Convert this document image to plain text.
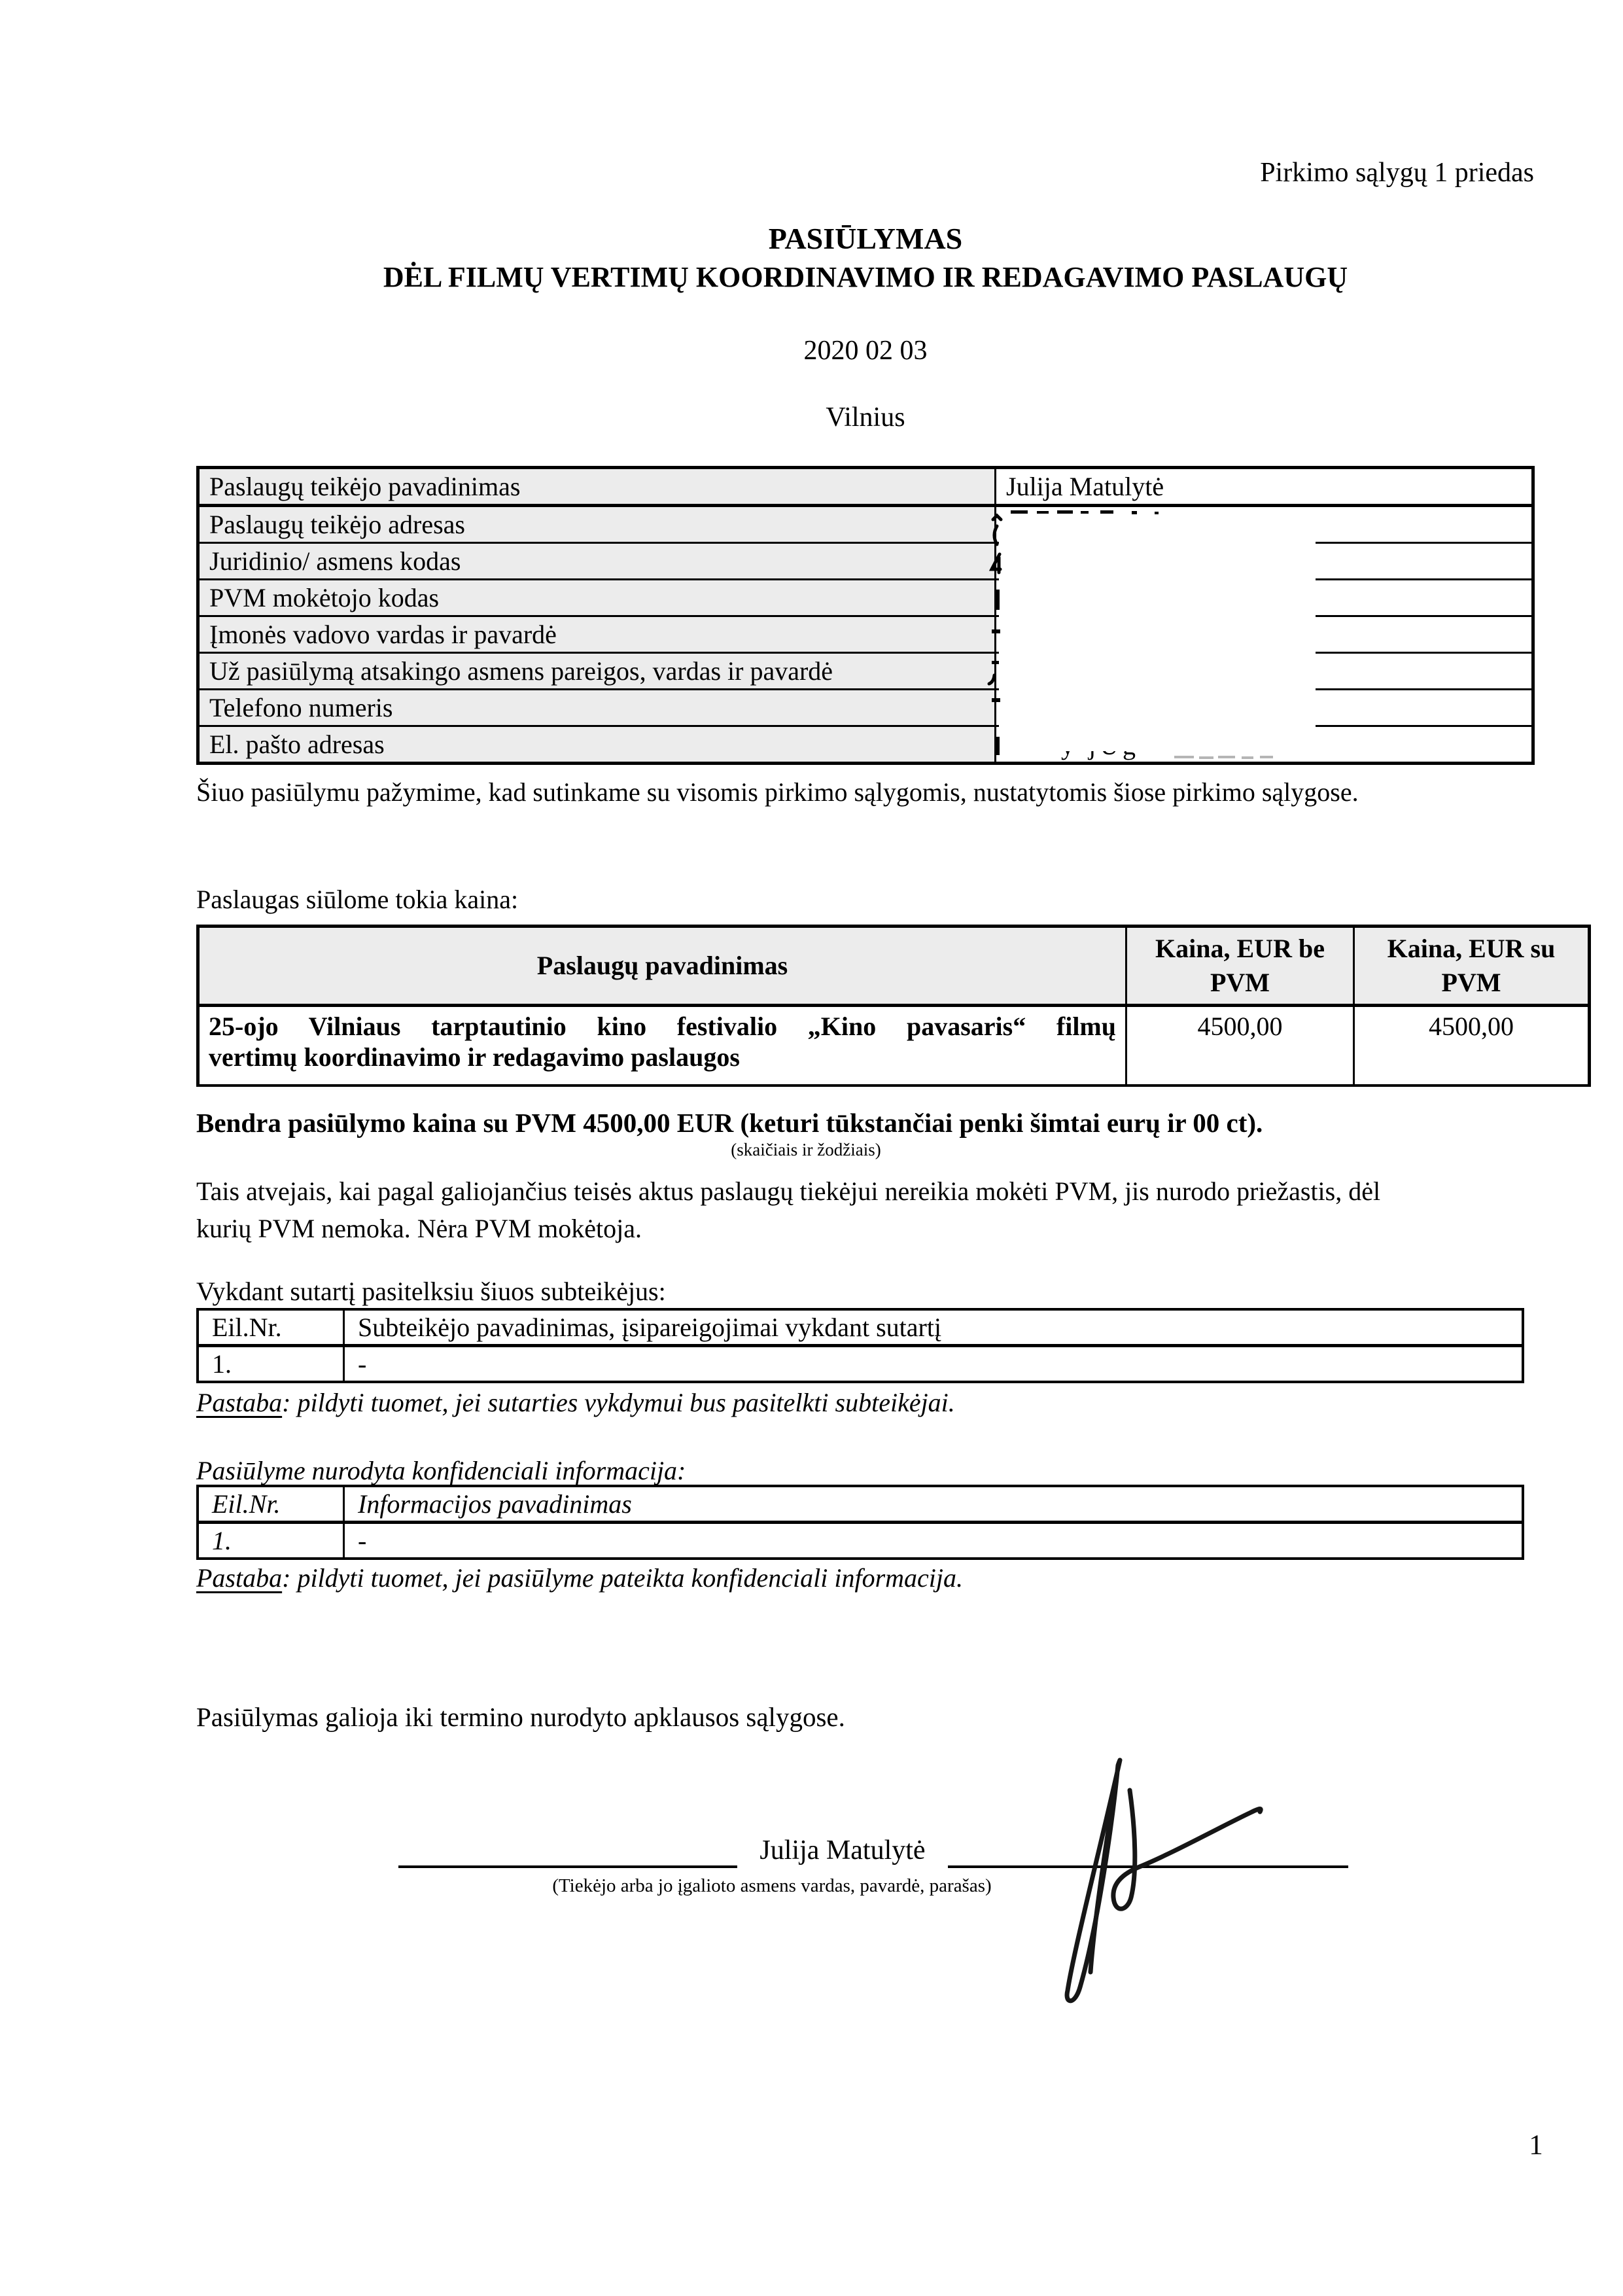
Pirkimo sąlygų 1 priedas
PASIŪLYMAS
DĖL FILMŲ VERTIMŲ KOORDINAVIMO IR REDAGAVIMO PASLAUGŲ
2020 02 03
Vilnius
Paslaugų teikėjo pavadinimas	Julija Matulytė
Paslaugų teikėjo adresas	
Juridinio/ asmens kodas	
PVM mokėtojo kodas	
Įmonės vadovo vardas ir pavardė	
Už pasiūlymą atsakingo asmens pareigos, vardas ir pavardė	
Telefono numeris	
El. pašto adresas	
Šiuo pasiūlymu pažymime, kad sutinkame su visomis pirkimo sąlygomis, nustatytomis šiose pirkimo sąlygose.
Paslaugas siūlome tokia kaina:
Paslaugų pavadinimas	Kaina, EUR be PVM	Kaina, EUR su PVM

25-ojo Vilniaus tarptautinio kino festivalio „Kino pavasaris“ filmų
vertimų koordinavimo ir redagavimo paslaugos	4500,00	4500,00
Bendra pasiūlymo kaina su PVM 4500,00 EUR (keturi tūkstančiai penki šimtai eurų ir 00 ct).
(skaičiais ir žodžiais)
Tais atvejais, kai pagal galiojančius teisės aktus paslaugų tiekėjui nereikia mokėti PVM, jis nurodo priežastis, dėl
kurių PVM nemoka. Nėra PVM mokėtoja.
Vykdant sutartį pasitelksiu šiuos subteikėjus:
Eil.Nr.	Subteikėjo pavadinimas, įsipareigojimai vykdant sutartį
1.	-
Pastaba: pildyti tuomet, jei sutarties vykdymui bus pasitelkti subteikėjai.
Pasiūlyme nurodyta konfidenciali informacija:
Eil.Nr.	Informacijos pavadinimas
1.	-
Pastaba: pildyti tuomet, jei pasiūlyme pateikta konfidenciali informacija.
Pasiūlymas galioja iki termino nurodyto apklausos sąlygose.
Julija Matulytė
(Tiekėjo arba jo įgalioto asmens vardas, pavardė, parašas)
1
